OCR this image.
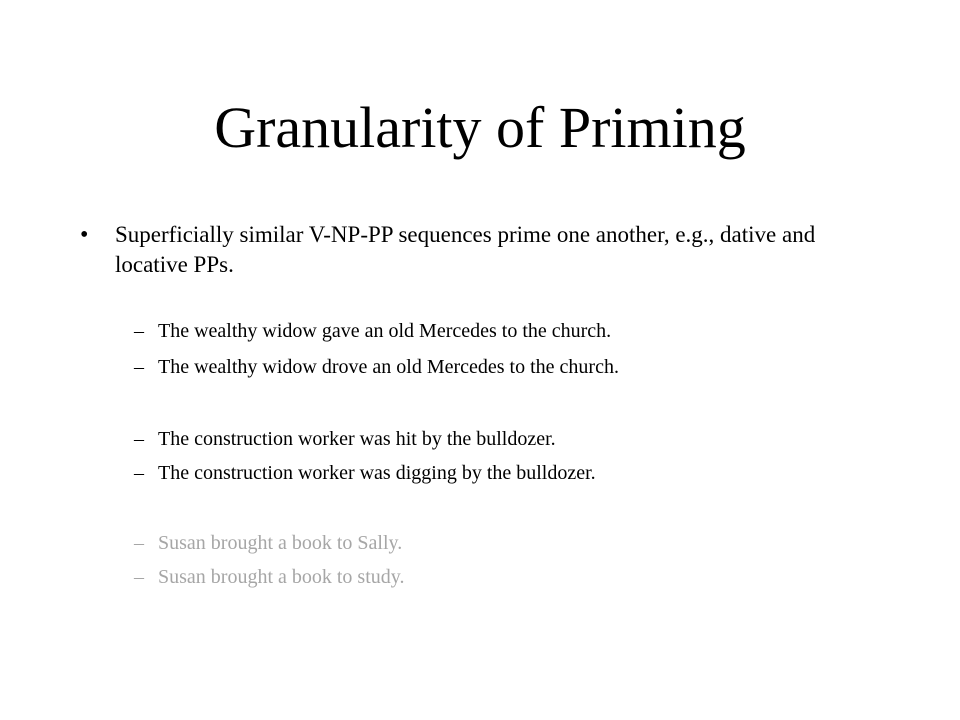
Granularity of Priming
• Superficially similar V-NP-PP sequences prime one another, e.g., dative and locative PPs.
– The wealthy widow gave an old Mercedes to the church.
– The wealthy widow drove an old Mercedes to the church.
– The construction worker was hit by the bulldozer.
– The construction worker was digging by the bulldozer.
– Susan brought a book to Sally.
– Susan brought a book to study.
